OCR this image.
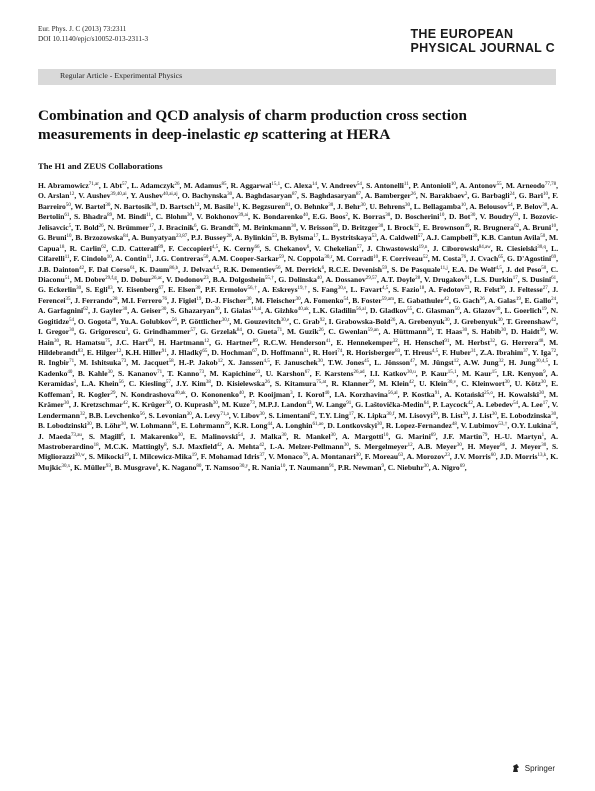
Eur. Phys. J. C (2013) 73:2311
DOI 10.1140/epjc/s10052-013-2311-3	THE EUROPEAN
PHYSICAL JOURNAL C
Regular Article - Experimental Physics
Combination and QCD analysis of charm production cross section
measurements in deep-inelastic ep scattering at HERA
The H1 and ZEUS Collaborations
H. Abramowicz$^{71,ar}$, I. Abt$^{57}$, L. Adamczyk$^{26}$, M. Adamus$^{85}$, R. Aggarwal$^{15,1}$, C. Alexa$^{14}$, V. Andreev$^{54}$, S. Antonelli$^{11}$, P. Antonioli$^{10}$, A. Antonov$^{55}$, M. Arneodo$^{77,78}$, O. Arslan$^{12}$, V. Aushev$^{39,40,ai}$, Y. Aushev$^{40,ai,aj}$, O. Bachynska$^{30}$, A. Baghdasaryan$^{87}$, S. Baghdasaryan$^{87}$, A. Bamberger$^{26}$, N. Barakbaev$^2$, G. Barbagli$^{24}$, G. Bari$^{10}$, F. Barreiro$^{50}$, W. Bartel$^{30}$, N. Bartosik$^{30}$, D. Bartsch$^{12}$, M. Basile$^{11}$, K. Begzsuren$^{81}$, O. Behnke$^{30}$, J. Behr$^{30}$, U. Behrens$^{30}$, L. Bellagamba$^{10}$, A. Belousov$^{54}$, P. Belov$^{30}$, A. Bertolin$^{61}$, S. Bhadra$^{89}$, M. Bindi$^{11}$, C. Blohm$^{30}$, V. Bokhonov$^{39,ai}$, K. Bondarenko$^{40}$, E.G. Boos$^2$, K. Borras$^{30}$, D. Boscherini$^{10}$, D. Bot$^{30}$, V. Boudry$^{63}$, I. Bozovic-Jelisavcic$^5$, T. Bold$^{26}$, N. Brümmer$^{17}$, J. Bracinik$^6$, G. Brandt$^{30}$, M. Brinkmann$^{30}$, V. Brisson$^{58}$, D. Britzger$^{30}$, I. Brock$^{12}$, E. Brownson$^{49}$, R. Brugnera$^{62}$, A. Bruni$^{10}$, G. Bruni$^{10}$, B. Brzozowska$^{84}$, A. Bunyatyan$^{23,87}$, P.J. Bussey$^{28}$, A. Bylinkin$^{53}$, B. Bylsma$^{17}$, L. Bystritskaya$^{53}$, A. Caldwell$^{57}$, A.J. Campbell$^{30}$, K.B. Cantun Avila$^{50}$, M. Capua$^{18}$, R. Carlin$^{62}$, C.D. Catterall$^{89}$, F. Ceccopieri$^{4,5}$, K. Cerny$^{66}$, S. Chekanov$^6$, V. Chekelian$^{57}$, J. Chwastowski$^{19,n}$, J. Ciborowski$^{84,aw}$, R. Ciesielski$^{30,q}$, L. Cifarelli$^{11}$, F. Cindolo$^{10}$, A. Contin$^{11}$, J.G. Contreras$^{50}$, A.M. Cooper-Sarkar$^{59}$, N. Coppola$^{30,r}$, M. Corradi$^{10}$, F. Corriveau$^{52}$, M. Costa$^{76}$, J. Cvach$^{65}$, G. D'Agostini$^{69}$, J.B. Dainton$^{42}$, F. Dal Corso$^{61}$, K. Daum$^{86,b}$, J. Delvax$^{4,5}$, R.K. Dementiev$^{56}$, M. Derrick$^6$, R.C.E. Devenish$^{59}$, S. De Pasquale$^{11,j}$, E.A. De Wolf$^{4,5}$, J. del Peso$^{50}$, C. Diaconu$^{51}$, M. Dobre$^{29,f,g}$, D. Dobur$^{26,ac}$, V. Dodonov$^{23}$, B.A. Dolgoshein$^{55,\dagger}$, G. Dolinska$^{40}$, A. Dossanov$^{29,57}$, A.T. Doyle$^{28}$, V. Drugakov$^{91}$, L.S. Durkin$^{17}$, S. Dusini$^{61}$, G. Eckerlin$^{30}$, S. Egli$^{83}$, Y. Eisenberg$^{67}$, E. Elsen$^{30}$, P.F. Ermolov$^{56,\dagger}$, A. Eskreys$^{19,\dagger}$, S. Fang$^{30,s}$, L. Favart$^{4,5}$, S. Fazio$^{18}$, A. Fedotov$^{53}$, R. Felst$^{30}$, J. Feltesse$^{27}$, J. Ferencei$^{35}$, J. Ferrando$^{28}$, M.I. Ferrero$^{76}$, J. Figiel$^{19}$, D.-J. Fischer$^{30}$, M. Fleischer$^{30}$, A. Fomenko$^{54}$, B. Foster$^{59,am}$, E. Gabathuler$^{42}$, G. Gach$^{26}$, A. Galas$^{19}$, E. Gallo$^{24}$, A. Garfagnini$^{62}$, J. Gayler$^{30}$, A. Geiser$^{30}$, S. Ghazaryan$^{30}$, I. Gialas$^{16,al}$, A. Gizhko$^{40,ak}$, L.K. Gladilin$^{56,al}$, D. Gladkov$^{55}$, C. Glasman$^{50}$, A. Glazov$^{30}$, L. Goerlich$^{19}$, N. Gogitidze$^{54}$, O. Gogota$^{40}$, Yu.A. Golubkov$^{56}$, P. Göttlicher$^{30,t}$, M. Gouzevitch$^{30,e}$, C. Grab$^{92}$, I. Grabowska-Bold$^{26}$, A. Grebenyuk$^{30}$, J. Grebenyuk$^{30}$, T. Greenshaw$^{42}$, I. Gregor$^{30}$, G. Grigorescu$^3$, G. Grindhammer$^{57}$, G. Grzelak$^{84}$, O. Gueta$^{71}$, M. Guzik$^{26}$, C. Gwenlan$^{59,an}$, A. Hüttmann$^{30}$, T. Haas$^{30}$, S. Habib$^{30}$, D. Haidt$^{30}$, W. Hain$^{30}$, R. Hamatsu$^{75}$, J.C. Hart$^{60}$, H. Hartmann$^{12}$, G. Hartner$^{89}$, R.C.W. Henderson$^{41}$, E. Hennekemper$^{32}$, H. Henschel$^{91}$, M. Herbst$^{32}$, G. Herrera$^{48}$, M. Hildebrandt$^{83}$, E. Hilger$^{12}$, K.H. Hiller$^{91}$, J. Hladký$^{65}$, D. Hochman$^{67}$, D. Hoffmann$^{51}$, R. Hori$^{74}$, R. Horisberger$^{83}$, T. Hreus$^{4,5}$, F. Huber$^{31}$, Z.A. Ibrahim$^{37}$, Y. Iga$^{72}$, R. Ingbir$^{71}$, M. Ishitsuka$^{73}$, M. Jacquet$^{58}$, H.-P. Jakob$^{12}$, X. Janssen$^{4,5}$, F. Januschek$^{30}$, T.W. Jones$^{45}$, L. Jönsson$^{47}$, M. Jüngst$^{12}$, A.W. Jung$^{32}$, H. Jung$^{30,4,5}$, I. Kadenko$^{40}$, B. Kahle$^{30}$, S. Kananov$^{71}$, T. Kanno$^{73}$, M. Kapichine$^{23}$, U. Karshon$^{67}$, F. Karstens$^{26,ad}$, I.I. Katkov$^{30,u}$, P. Kaur$^{15,1}$, M. Kaur$^{15}$, I.R. Kenyon$^9$, A. Keramidas$^3$, L.A. Khein$^{56}$, C. Kiesling$^{57}$, J.Y. Kim$^{38}$, D. Kisielewska$^{26}$, S. Kitamura$^{75,at}$, R. Klanner$^{29}$, M. Klein$^{42}$, U. Klein$^{30,v}$, C. Kleinwort$^{30}$, U. Kötz$^{30}$, E. Koffeman$^3$, R. Kogler$^{29}$, N. Kondrashova$^{40,ak}$, O. Kononenko$^{40}$, P. Kooijman$^3$, I. Korol$^{40}$, I.A. Korzhavina$^{56,al}$, P. Kostka$^{91}$, A. Kotański$^{25,o}$, H. Kowalski$^{30}$, M. Krämer$^{30}$, J. Kretzschmar$^{42}$, K. Krüger$^{30}$, O. Kuprash$^{30}$, M. Kuze$^{73}$, M.P.J. Landon$^{43}$, W. Lange$^{91}$, G. Laštovička-Medin$^{64}$, P. Laycock$^{42}$, A. Lebedev$^{54}$, A. Lee$^{17}$, V. Lendermann$^{32}$, B.B. Levchenko$^{56}$, S. Levonian$^{30}$, A. Levy$^{71,a}$, V. Libov$^{30}$, S. Limentani$^{62}$, T.Y. Ling$^{17}$, K. Lipka$^{30,f}$, M. Lisovyi$^{30}$, B. List$^{30}$, J. List$^{30}$, E. Lobodzinska$^{30}$, B. Lobodzinski$^{30}$, B. Löhr$^{30}$, W. Lohmann$^{91}$, E. Lohrmann$^{29}$, K.R. Long$^{44}$, A. Longhin$^{61,ao}$, D. Lontkovskyi$^{30}$, R. Lopez-Fernandez$^{48}$, V. Lubimov$^{53,\dagger}$, O.Y. Lukina$^{56}$, J. Maeda$^{73,au}$, S. Magill$^6$, I. Makarenko$^{30}$, E. Malinovski$^{54}$, J. Malka$^{30}$, R. Mankel$^{30}$, A. Margotti$^{10}$, G. Marini$^{69}$, J.F. Martin$^{79}$, H.-U. Martyn$^1$, A. Mastroberardino$^{18}$, M.C.K. Mattingly$^8$, S.J. Maxfield$^{42}$, A. Mehta$^{42}$, I.-A. Melzer-Pellmann$^{30}$, S. Mergelmeyer$^{12}$, A.B. Meyer$^{30}$, H. Meyer$^{86}$, J. Meyer$^{30}$, S. Migliorazzi$^{30,w}$, S. Mikocki$^{19}$, I. Milcewicz-Mika$^{19}$, F. Mohamad Idris$^{37}$, V. Monaco$^{76}$, A. Montanari$^{30}$, F. Moreau$^{63}$, A. Morozov$^{23}$, J.V. Morris$^{60}$, J.D. Morris$^{13,k}$, K. Mujkic$^{30,x}$, K. Müller$^{93}$, B. Musgrave$^6$, K. Nagano$^{80}$, T. Namsoo$^{30,y}$, R. Nania$^{10}$, T. Naumann$^{91}$, P.R. Newman$^9$, C. Niebuhr$^{30}$, A. Nigro$^{69}$,
Springer
